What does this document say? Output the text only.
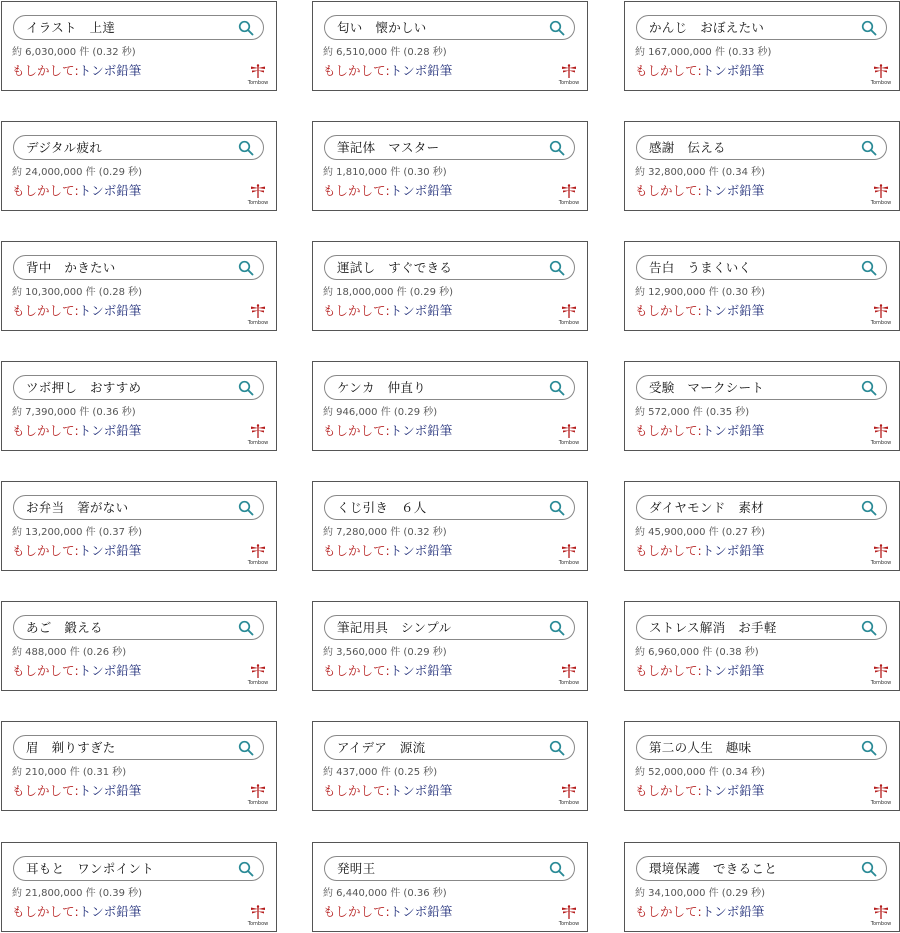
イラスト　上達
約 6,030,000 件 (0.32 秒)
もしかして:トンボ鉛筆
Tombow
匂い　懐かしい
約 6,510,000 件 (0.28 秒)
もしかして:トンボ鉛筆
Tombow
かんじ　おぼえたい
約 167,000,000 件 (0.33 秒)
もしかして:トンボ鉛筆
Tombow
デジタル疲れ
約 24,000,000 件 (0.29 秒)
もしかして:トンボ鉛筆
Tombow
筆記体　マスター
約 1,810,000 件 (0.30 秒)
もしかして:トンボ鉛筆
Tombow
感謝　伝える
約 32,800,000 件 (0.34 秒)
もしかして:トンボ鉛筆
Tombow
背中　かきたい
約 10,300,000 件 (0.28 秒)
もしかして:トンボ鉛筆
Tombow
運試し　すぐできる
約 18,000,000 件 (0.29 秒)
もしかして:トンボ鉛筆
Tombow
告白　うまくいく
約 12,900,000 件 (0.30 秒)
もしかして:トンボ鉛筆
Tombow
ツボ押し　おすすめ
約 7,390,000 件 (0.36 秒)
もしかして:トンボ鉛筆
Tombow
ケンカ　仲直り
約 946,000 件 (0.29 秒)
もしかして:トンボ鉛筆
Tombow
受験　マークシート
約 572,000 件 (0.35 秒)
もしかして:トンボ鉛筆
Tombow
お弁当　箸がない
約 13,200,000 件 (0.37 秒)
もしかして:トンボ鉛筆
Tombow
くじ引き　６人
約 7,280,000 件 (0.32 秒)
もしかして:トンボ鉛筆
Tombow
ダイヤモンド　素材
約 45,900,000 件 (0.27 秒)
もしかして:トンボ鉛筆
Tombow
あご　鍛える
約 488,000 件 (0.26 秒)
もしかして:トンボ鉛筆
Tombow
筆記用具　シンプル
約 3,560,000 件 (0.29 秒)
もしかして:トンボ鉛筆
Tombow
ストレス解消　お手軽
約 6,960,000 件 (0.38 秒)
もしかして:トンボ鉛筆
Tombow
眉　剃りすぎた
約 210,000 件 (0.31 秒)
もしかして:トンボ鉛筆
Tombow
アイデア　源流
約 437,000 件 (0.25 秒)
もしかして:トンボ鉛筆
Tombow
第二の人生　趣味
約 52,000,000 件 (0.34 秒)
もしかして:トンボ鉛筆
Tombow
耳もと　ワンポイント
約 21,800,000 件 (0.39 秒)
もしかして:トンボ鉛筆
Tombow
発明王
約 6,440,000 件 (0.36 秒)
もしかして:トンボ鉛筆
Tombow
環境保護　できること
約 34,100,000 件 (0.29 秒)
もしかして:トンボ鉛筆
Tombow
